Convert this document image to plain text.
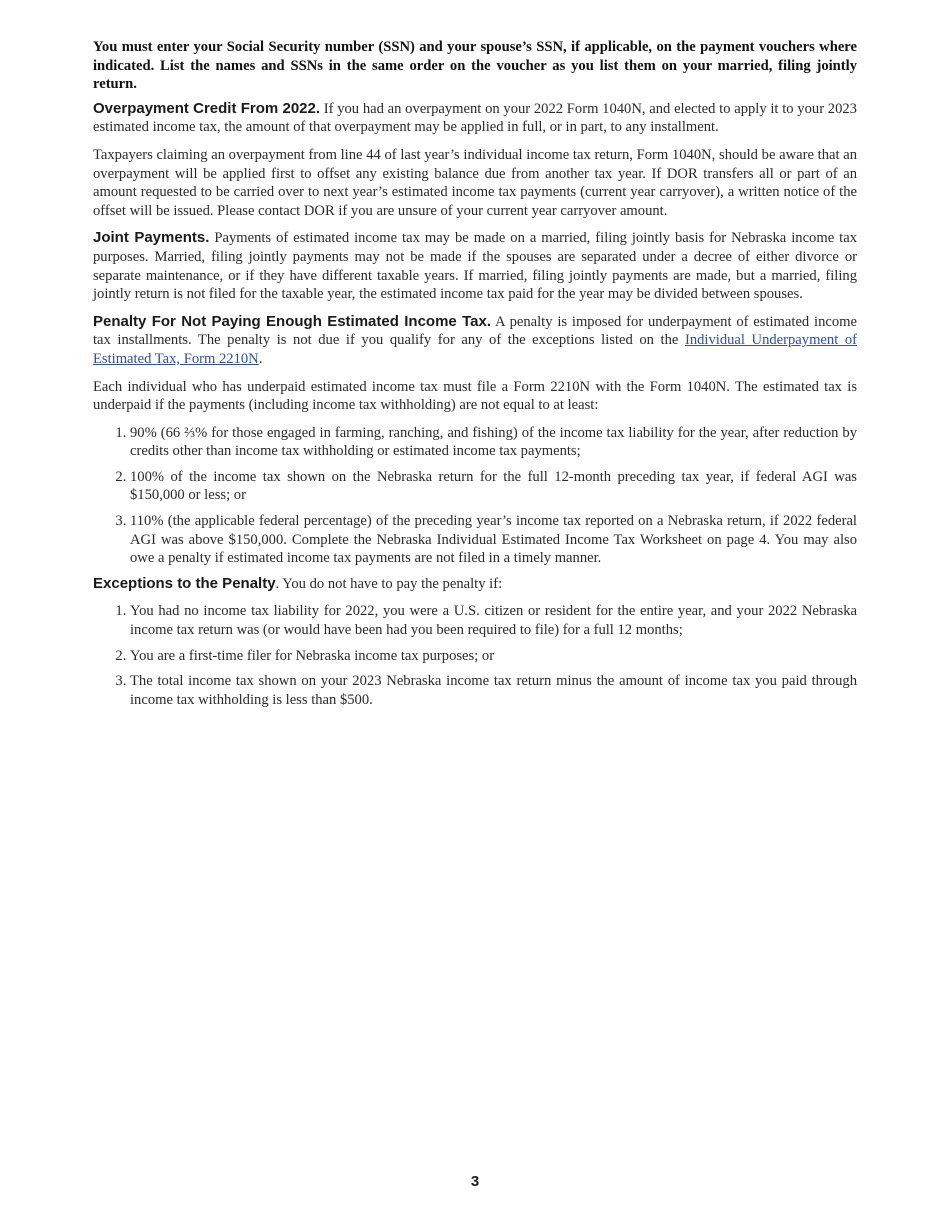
You must enter your Social Security number (SSN) and your spouse’s SSN, if applicable, on the payment vouchers where indicated. List the names and SSNs in the same order on the voucher as you list them on your married, filing jointly return.

Overpayment Credit From 2022. If you had an overpayment on your 2022 Form 1040N, and elected to apply it to your 2023 estimated income tax, the amount of that overpayment may be applied in full, or in part, to any installment.

Taxpayers claiming an overpayment from line 44 of last year’s individual income tax return, Form 1040N, should be aware that an overpayment will be applied first to offset any existing balance due from another tax year. If DOR transfers all or part of an amount requested to be carried over to next year’s estimated income tax payments (current year carryover), a written notice of the offset will be issued. Please contact DOR if you are unsure of your current year carryover amount.

Joint Payments. Payments of estimated income tax may be made on a married, filing jointly basis for Nebraska income tax purposes. Married, filing jointly payments may not be made if the spouses are separated under a decree of either divorce or separate maintenance, or if they have different taxable years. If married, filing jointly payments are made, but a married, filing jointly return is not filed for the taxable year, the estimated income tax paid for the year may be divided between spouses.

Penalty For Not Paying Enough Estimated Income Tax. A penalty is imposed for underpayment of estimated income tax installments. The penalty is not due if you qualify for any of the exceptions listed on the Individual Underpayment of Estimated Tax, Form 2210N.

Each individual who has underpaid estimated income tax must file a Form 2210N with the Form 1040N. The estimated tax is underpaid if the payments (including income tax withholding) are not equal to at least:

1. 90% (66 ⅔% for those engaged in farming, ranching, and fishing) of the income tax liability for the year, after reduction by credits other than income tax withholding or estimated income tax payments;
2. 100% of the income tax shown on the Nebraska return for the full 12-month preceding tax year, if federal AGI was $150,000 or less; or
3. 110% (the applicable federal percentage) of the preceding year’s income tax reported on a Nebraska return, if 2022 federal AGI was above $150,000. Complete the Nebraska Individual Estimated Income Tax Worksheet on page 4. You may also owe a penalty if estimated income tax payments are not filed in a timely manner.

Exceptions to the Penalty. You do not have to pay the penalty if:

1. You had no income tax liability for 2022, you were a U.S. citizen or resident for the entire year, and your 2022 Nebraska income tax return was (or would have been had you been required to file) for a full 12 months;
2. You are a first-time filer for Nebraska income tax purposes; or
3. The total income tax shown on your 2023 Nebraska income tax return minus the amount of income tax you paid through income tax withholding is less than $500.
3
